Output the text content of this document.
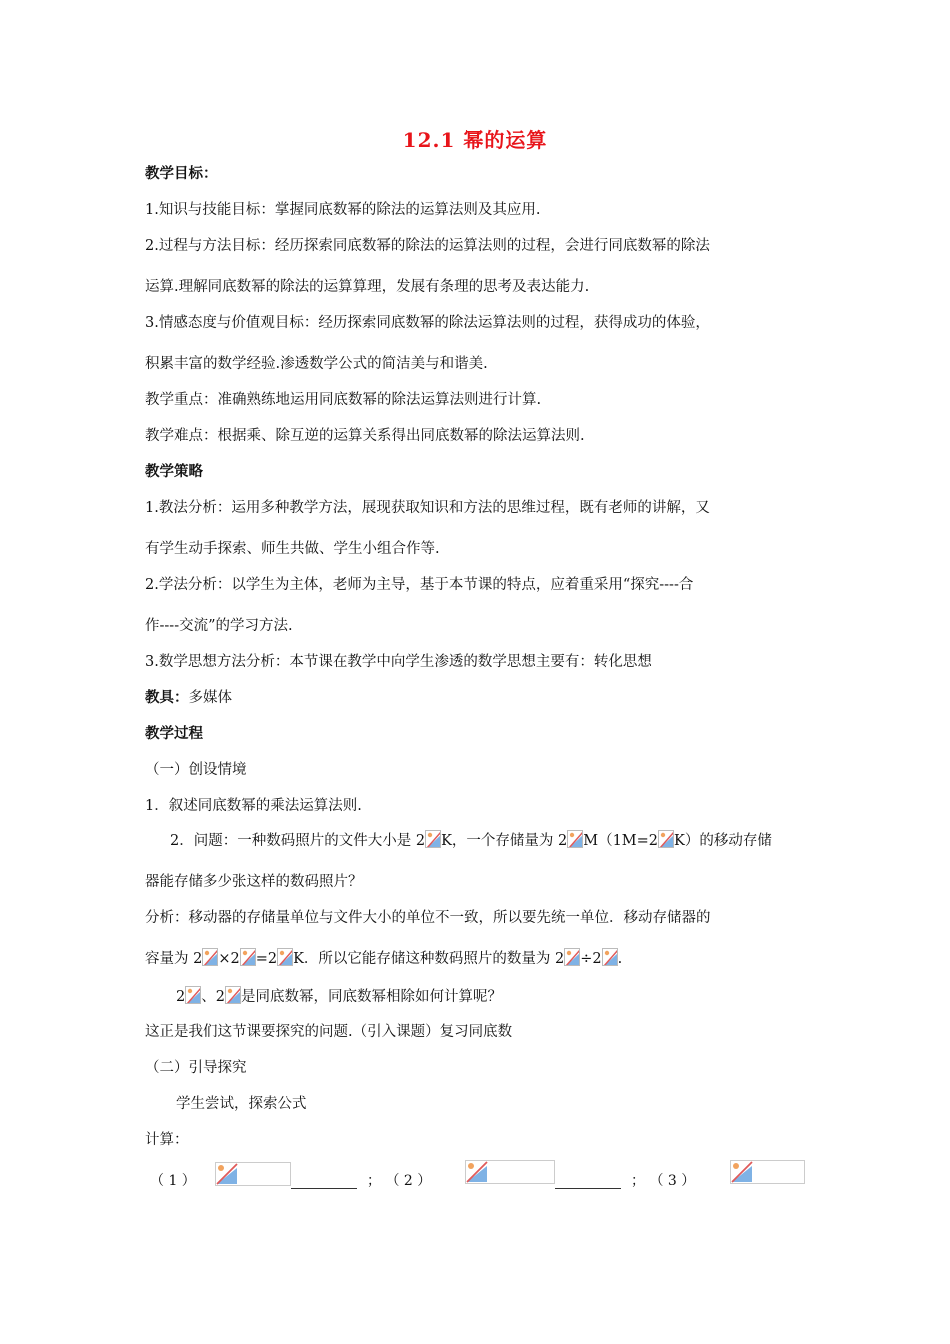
12.1 幂的运算
教学目标：
1.知识与技能目标：掌握同底数幂的除法的运算法则及其应用.
2.过程与方法目标：经历探索同底数幂的除法的运算法则的过程，会进行同底数幂的除法
运算.理解同底数幂的除法的运算算理，发展有条理的思考及表达能力.
3.情感态度与价值观目标：经历探索同底数幂的除法运算法则的过程，获得成功的体验，
积累丰富的数学经验.渗透数学公式的简洁美与和谐美.
教学重点：准确熟练地运用同底数幂的除法运算法则进行计算.
教学难点：根据乘、除互逆的运算关系得出同底数幂的除法运算法则.
教学策略
1.教法分析：运用多种教学方法，展现获取知识和方法的思维过程，既有老师的讲解，又
有学生动手探索、师生共做、学生小组合作等.
2.学法分析：以学生为主体，老师为主导，基于本节课的特点，应着重采用“探究----合
作----交流”的学习方法.
3.数学思想方法分析：本节课在教学中向学生渗透的数学思想主要有：转化思想
教具：多媒体
教学过程
（一）创设情境
1．叙述同底数幂的乘法运算法则.
2．问题：一种数码照片的文件大小是 2 K，一个存储量为 2 M（1M=2 K）的移动存储
器能存储多少张这样的数码照片？
分析：移动器的存储量单位与文件大小的单位不一致，所以要先统一单位．移动存储器的
容量为 2 ×2 =2 K．所以它能存储这种数码照片的数量为 2 ÷2 .
2 、2 是同底数幂，同底数幂相除如何计算呢？
这正是我们这节课要探究的问题.（引入课题）复习同底数
（二）引导探究
学生尝试，探索公式
计算：
（ 1 ）	； （ 2 ）	； （ 3 ）
